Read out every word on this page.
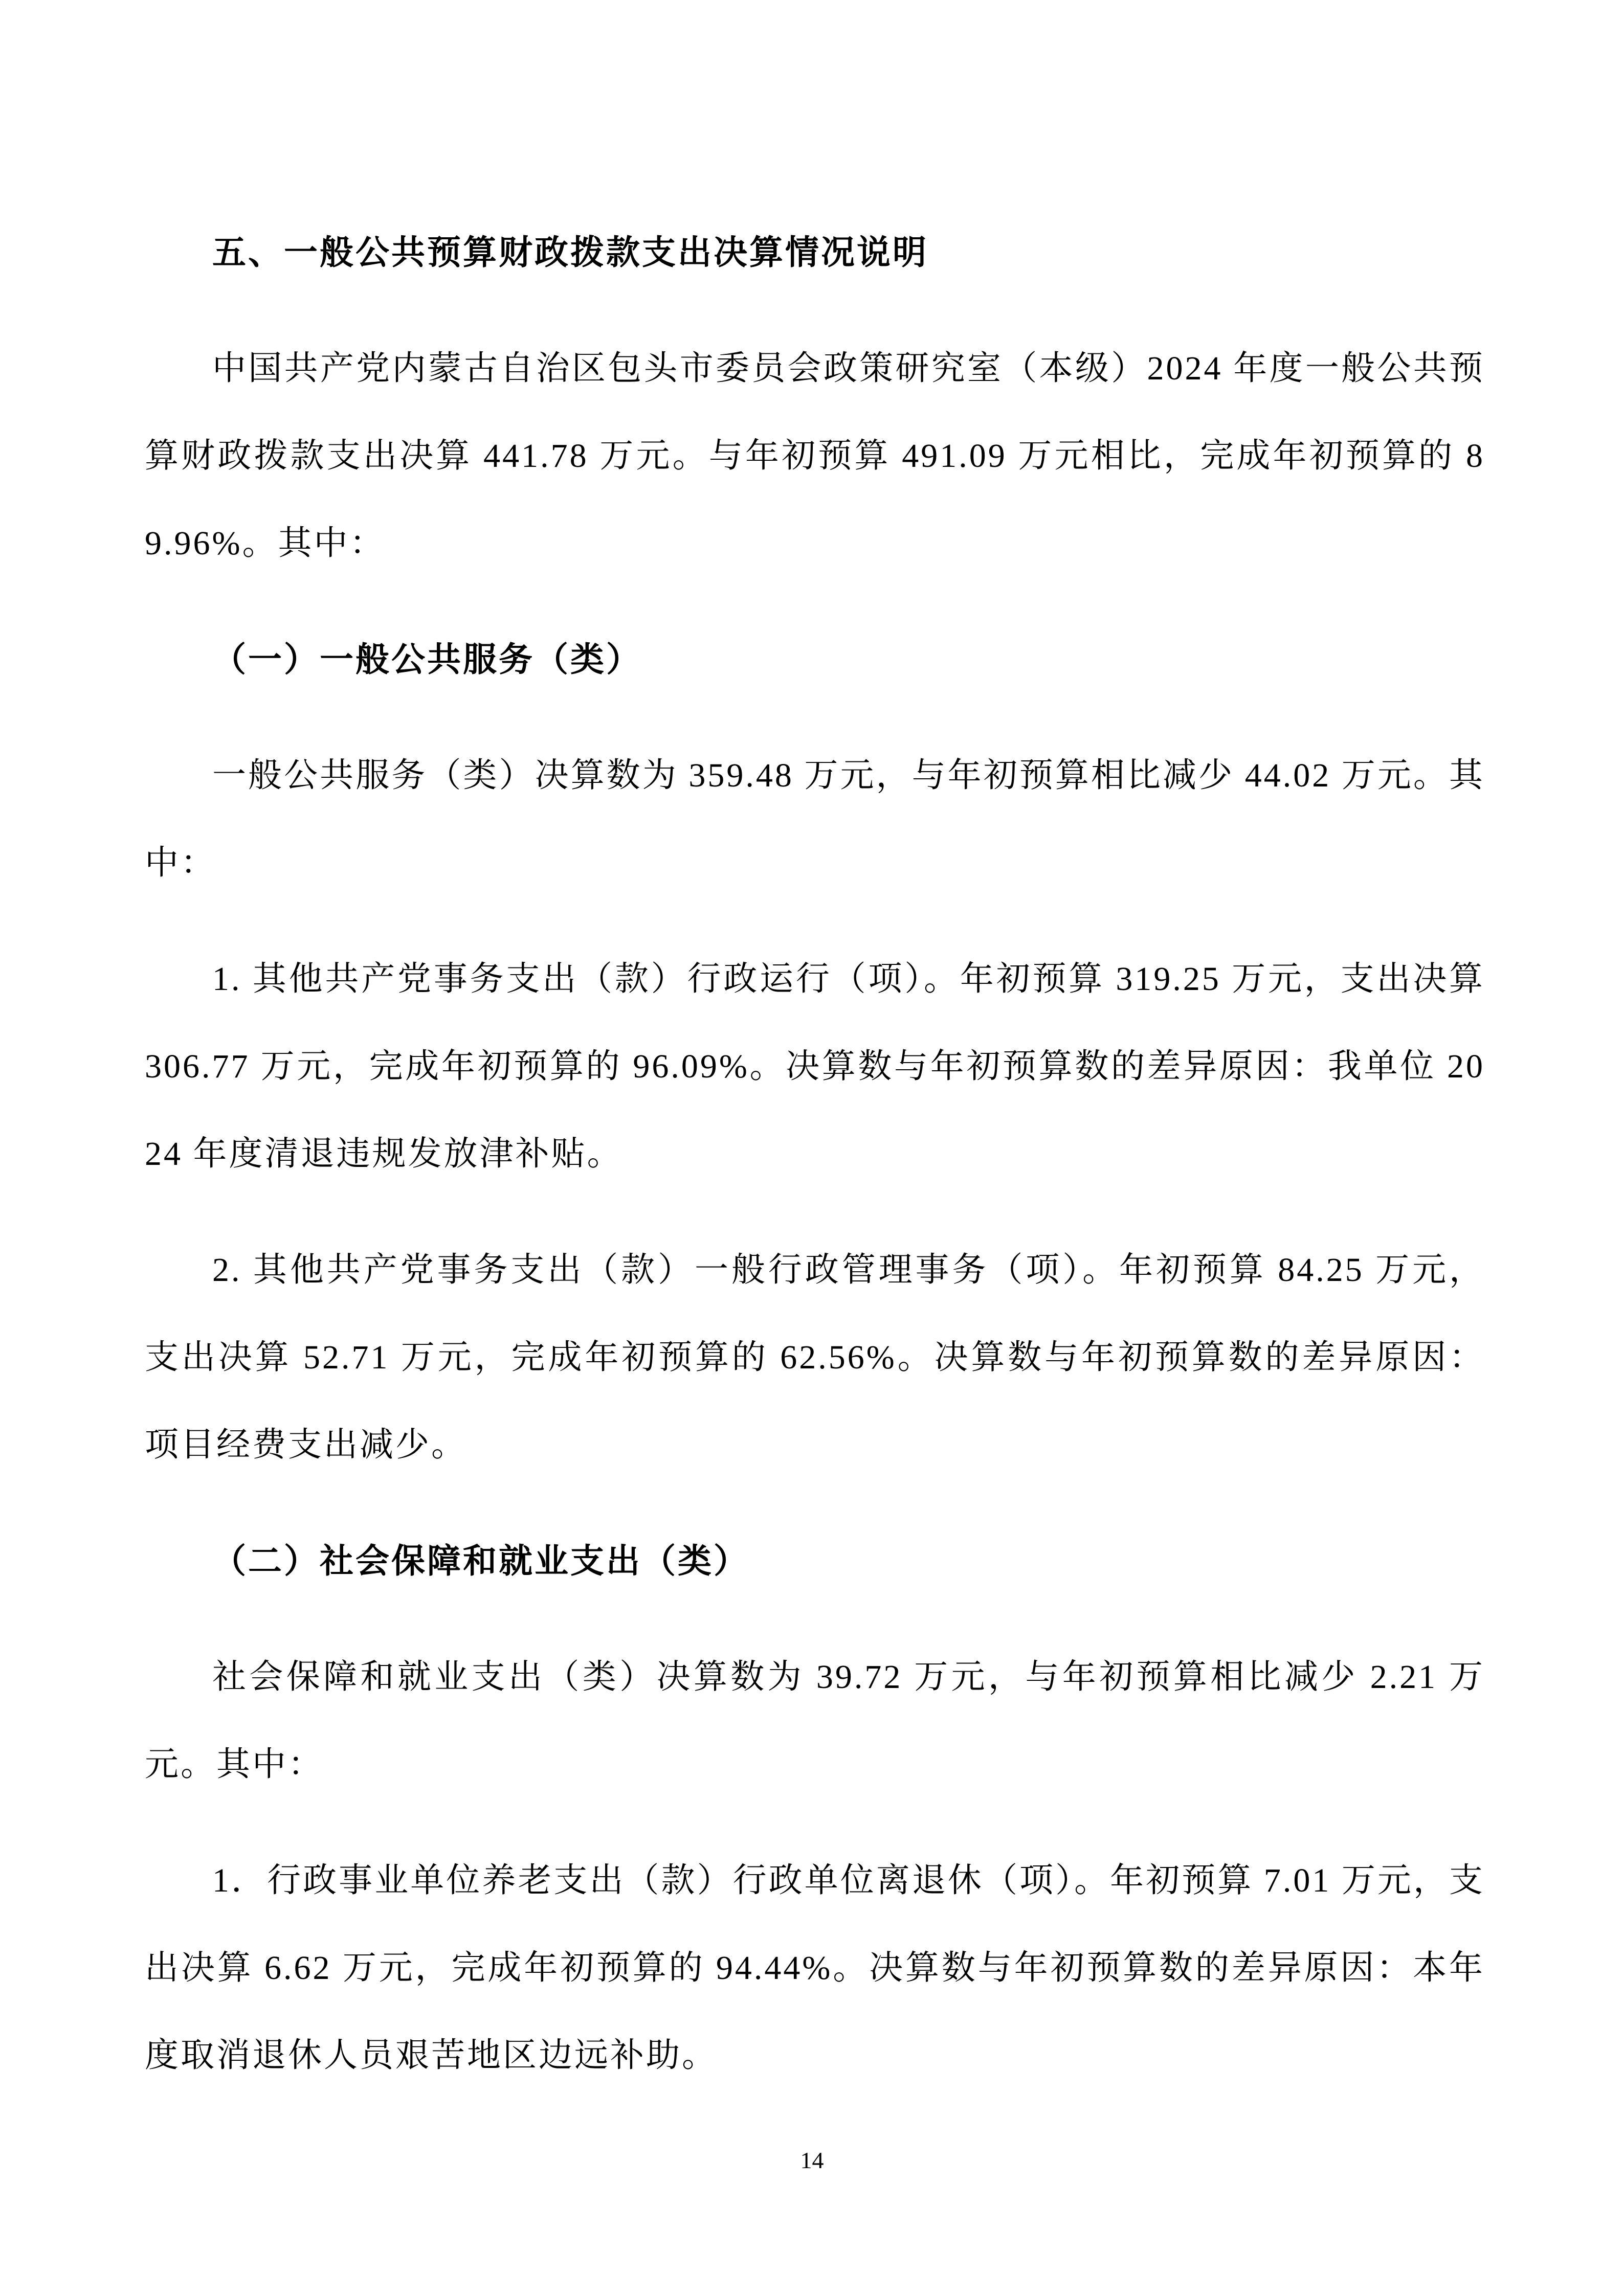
五、一般公共预算财政拨款支出决算情况说明

中国共产党内蒙古自治区包头市委员会政策研究室（本级）2024 年度一般公共预算财政拨款支出决算 441.78 万元。与年初预算 491.09 万元相比，完成年初预算的 89.96%。其中：

（一）一般公共服务（类）

一般公共服务（类）决算数为 359.48 万元，与年初预算相比减少 44.02 万元。其中：

1. 其他共产党事务支出（款）行政运行（项）。年初预算 319.25 万元，支出决算 306.77 万元，完成年初预算的 96.09%。决算数与年初预算数的差异原因：我单位 2024 年度清退违规发放津补贴。

2. 其他共产党事务支出（款）一般行政管理事务（项）。年初预算 84.25 万元，支出决算 52.71 万元，完成年初预算的 62.56%。决算数与年初预算数的差异原因：项目经费支出减少。

（二）社会保障和就业支出（类）

社会保障和就业支出（类）决算数为 39.72 万元，与年初预算相比减少 2.21 万元。其中：

1．行政事业单位养老支出（款）行政单位离退休（项）。年初预算 7.01 万元，支出决算 6.62 万元，完成年初预算的 94.44%。决算数与年初预算数的差异原因：本年度取消退休人员艰苦地区边远补助。

14
